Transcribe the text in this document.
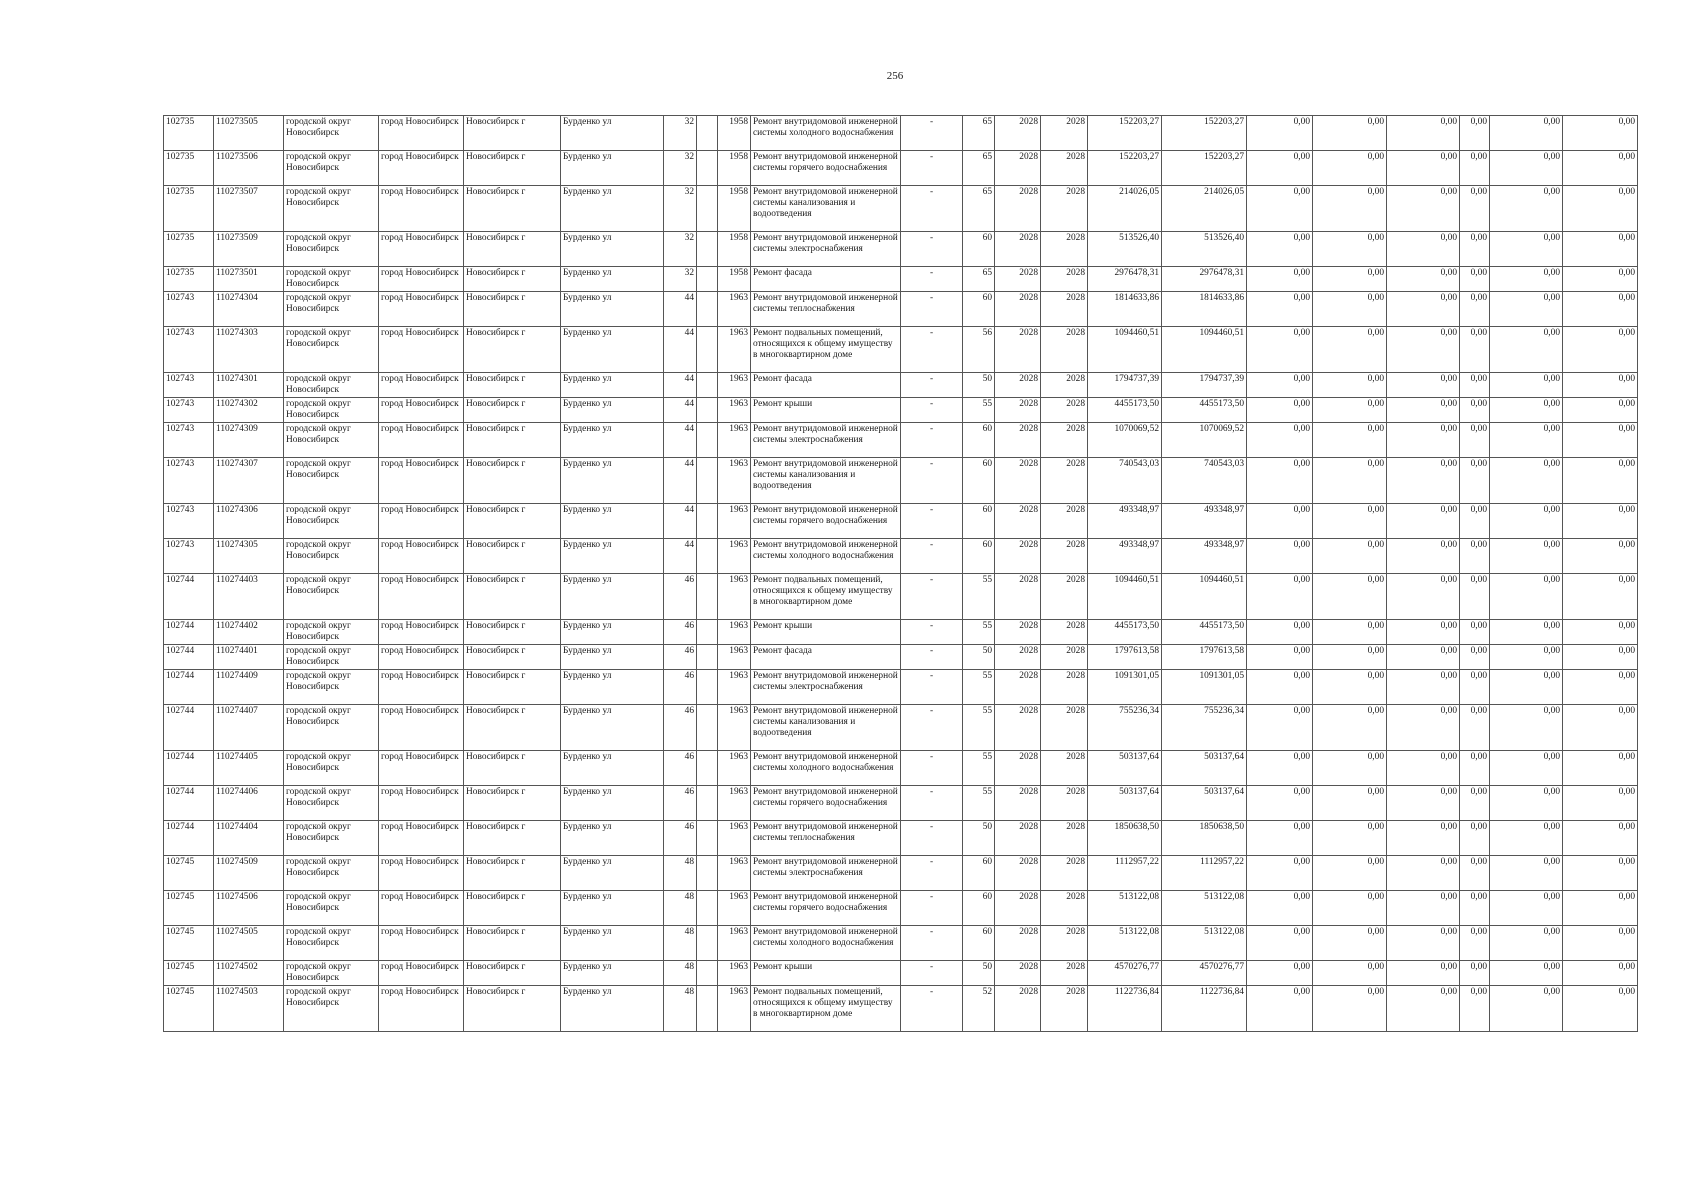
256
102735	110273505	городской округ Новосибирск	город Новосибирск	Новосибирск г	Бурденко ул	32		1958	Ремонт внутридомовой инженерной системы холодного водоснабжения	-	65	2028	2028	152203,27	152203,27	0,00	0,00	0,00	0,00	0,00	0,00
102735	110273506	городской округ Новосибирск	город Новосибирск	Новосибирск г	Бурденко ул	32		1958	Ремонт внутридомовой инженерной системы горячего водоснабжения	-	65	2028	2028	152203,27	152203,27	0,00	0,00	0,00	0,00	0,00	0,00
102735	110273507	городской округ Новосибирск	город Новосибирск	Новосибирск г	Бурденко ул	32		1958	Ремонт внутридомовой инженерной системы канализования и водоотведения	-	65	2028	2028	214026,05	214026,05	0,00	0,00	0,00	0,00	0,00	0,00
102735	110273509	городской округ Новосибирск	город Новосибирск	Новосибирск г	Бурденко ул	32		1958	Ремонт внутридомовой инженерной системы электроснабжения	-	60	2028	2028	513526,40	513526,40	0,00	0,00	0,00	0,00	0,00	0,00
102735	110273501	городской округ Новосибирск	город Новосибирск	Новосибирск г	Бурденко ул	32		1958	Ремонт фасада	-	65	2028	2028	2976478,31	2976478,31	0,00	0,00	0,00	0,00	0,00	0,00
102743	110274304	городской округ Новосибирск	город Новосибирск	Новосибирск г	Бурденко ул	44		1963	Ремонт внутридомовой инженерной системы теплоснабжения	-	60	2028	2028	1814633,86	1814633,86	0,00	0,00	0,00	0,00	0,00	0,00
102743	110274303	городской округ Новосибирск	город Новосибирск	Новосибирск г	Бурденко ул	44		1963	Ремонт подвальных помещений, относящихся к общему имуществу в многоквартирном доме	-	56	2028	2028	1094460,51	1094460,51	0,00	0,00	0,00	0,00	0,00	0,00
102743	110274301	городской округ Новосибирск	город Новосибирск	Новосибирск г	Бурденко ул	44		1963	Ремонт фасада	-	50	2028	2028	1794737,39	1794737,39	0,00	0,00	0,00	0,00	0,00	0,00
102743	110274302	городской округ Новосибирск	город Новосибирск	Новосибирск г	Бурденко ул	44		1963	Ремонт крыши	-	55	2028	2028	4455173,50	4455173,50	0,00	0,00	0,00	0,00	0,00	0,00
102743	110274309	городской округ Новосибирск	город Новосибирск	Новосибирск г	Бурденко ул	44		1963	Ремонт внутридомовой инженерной системы электроснабжения	-	60	2028	2028	1070069,52	1070069,52	0,00	0,00	0,00	0,00	0,00	0,00
102743	110274307	городской округ Новосибирск	город Новосибирск	Новосибирск г	Бурденко ул	44		1963	Ремонт внутридомовой инженерной системы канализования и водоотведения	-	60	2028	2028	740543,03	740543,03	0,00	0,00	0,00	0,00	0,00	0,00
102743	110274306	городской округ Новосибирск	город Новосибирск	Новосибирск г	Бурденко ул	44		1963	Ремонт внутридомовой инженерной системы горячего водоснабжения	-	60	2028	2028	493348,97	493348,97	0,00	0,00	0,00	0,00	0,00	0,00
102743	110274305	городской округ Новосибирск	город Новосибирск	Новосибирск г	Бурденко ул	44		1963	Ремонт внутридомовой инженерной системы холодного водоснабжения	-	60	2028	2028	493348,97	493348,97	0,00	0,00	0,00	0,00	0,00	0,00
102744	110274403	городской округ Новосибирск	город Новосибирск	Новосибирск г	Бурденко ул	46		1963	Ремонт подвальных помещений, относящихся к общему имуществу в многоквартирном доме	-	55	2028	2028	1094460,51	1094460,51	0,00	0,00	0,00	0,00	0,00	0,00
102744	110274402	городской округ Новосибирск	город Новосибирск	Новосибирск г	Бурденко ул	46		1963	Ремонт крыши	-	55	2028	2028	4455173,50	4455173,50	0,00	0,00	0,00	0,00	0,00	0,00
102744	110274401	городской округ Новосибирск	город Новосибирск	Новосибирск г	Бурденко ул	46		1963	Ремонт фасада	-	50	2028	2028	1797613,58	1797613,58	0,00	0,00	0,00	0,00	0,00	0,00
102744	110274409	городской округ Новосибирск	город Новосибирск	Новосибирск г	Бурденко ул	46		1963	Ремонт внутридомовой инженерной системы электроснабжения	-	55	2028	2028	1091301,05	1091301,05	0,00	0,00	0,00	0,00	0,00	0,00
102744	110274407	городской округ Новосибирск	город Новосибирск	Новосибирск г	Бурденко ул	46		1963	Ремонт внутридомовой инженерной системы канализования и водоотведения	-	55	2028	2028	755236,34	755236,34	0,00	0,00	0,00	0,00	0,00	0,00
102744	110274405	городской округ Новосибирск	город Новосибирск	Новосибирск г	Бурденко ул	46		1963	Ремонт внутридомовой инженерной системы холодного водоснабжения	-	55	2028	2028	503137,64	503137,64	0,00	0,00	0,00	0,00	0,00	0,00
102744	110274406	городской округ Новосибирск	город Новосибирск	Новосибирск г	Бурденко ул	46		1963	Ремонт внутридомовой инженерной системы горячего водоснабжения	-	55	2028	2028	503137,64	503137,64	0,00	0,00	0,00	0,00	0,00	0,00
102744	110274404	городской округ Новосибирск	город Новосибирск	Новосибирск г	Бурденко ул	46		1963	Ремонт внутридомовой инженерной системы теплоснабжения	-	50	2028	2028	1850638,50	1850638,50	0,00	0,00	0,00	0,00	0,00	0,00
102745	110274509	городской округ Новосибирск	город Новосибирск	Новосибирск г	Бурденко ул	48		1963	Ремонт внутридомовой инженерной системы электроснабжения	-	60	2028	2028	1112957,22	1112957,22	0,00	0,00	0,00	0,00	0,00	0,00
102745	110274506	городской округ Новосибирск	город Новосибирск	Новосибирск г	Бурденко ул	48		1963	Ремонт внутридомовой инженерной системы горячего водоснабжения	-	60	2028	2028	513122,08	513122,08	0,00	0,00	0,00	0,00	0,00	0,00
102745	110274505	городской округ Новосибирск	город Новосибирск	Новосибирск г	Бурденко ул	48		1963	Ремонт внутридомовой инженерной системы холодного водоснабжения	-	60	2028	2028	513122,08	513122,08	0,00	0,00	0,00	0,00	0,00	0,00
102745	110274502	городской округ Новосибирск	город Новосибирск	Новосибирск г	Бурденко ул	48		1963	Ремонт крыши	-	50	2028	2028	4570276,77	4570276,77	0,00	0,00	0,00	0,00	0,00	0,00
102745	110274503	городской округ Новосибирск	город Новосибирск	Новосибирск г	Бурденко ул	48		1963	Ремонт подвальных помещений, относящихся к общему имуществу в многоквартирном доме	-	52	2028	2028	1122736,84	1122736,84	0,00	0,00	0,00	0,00	0,00	0,00
